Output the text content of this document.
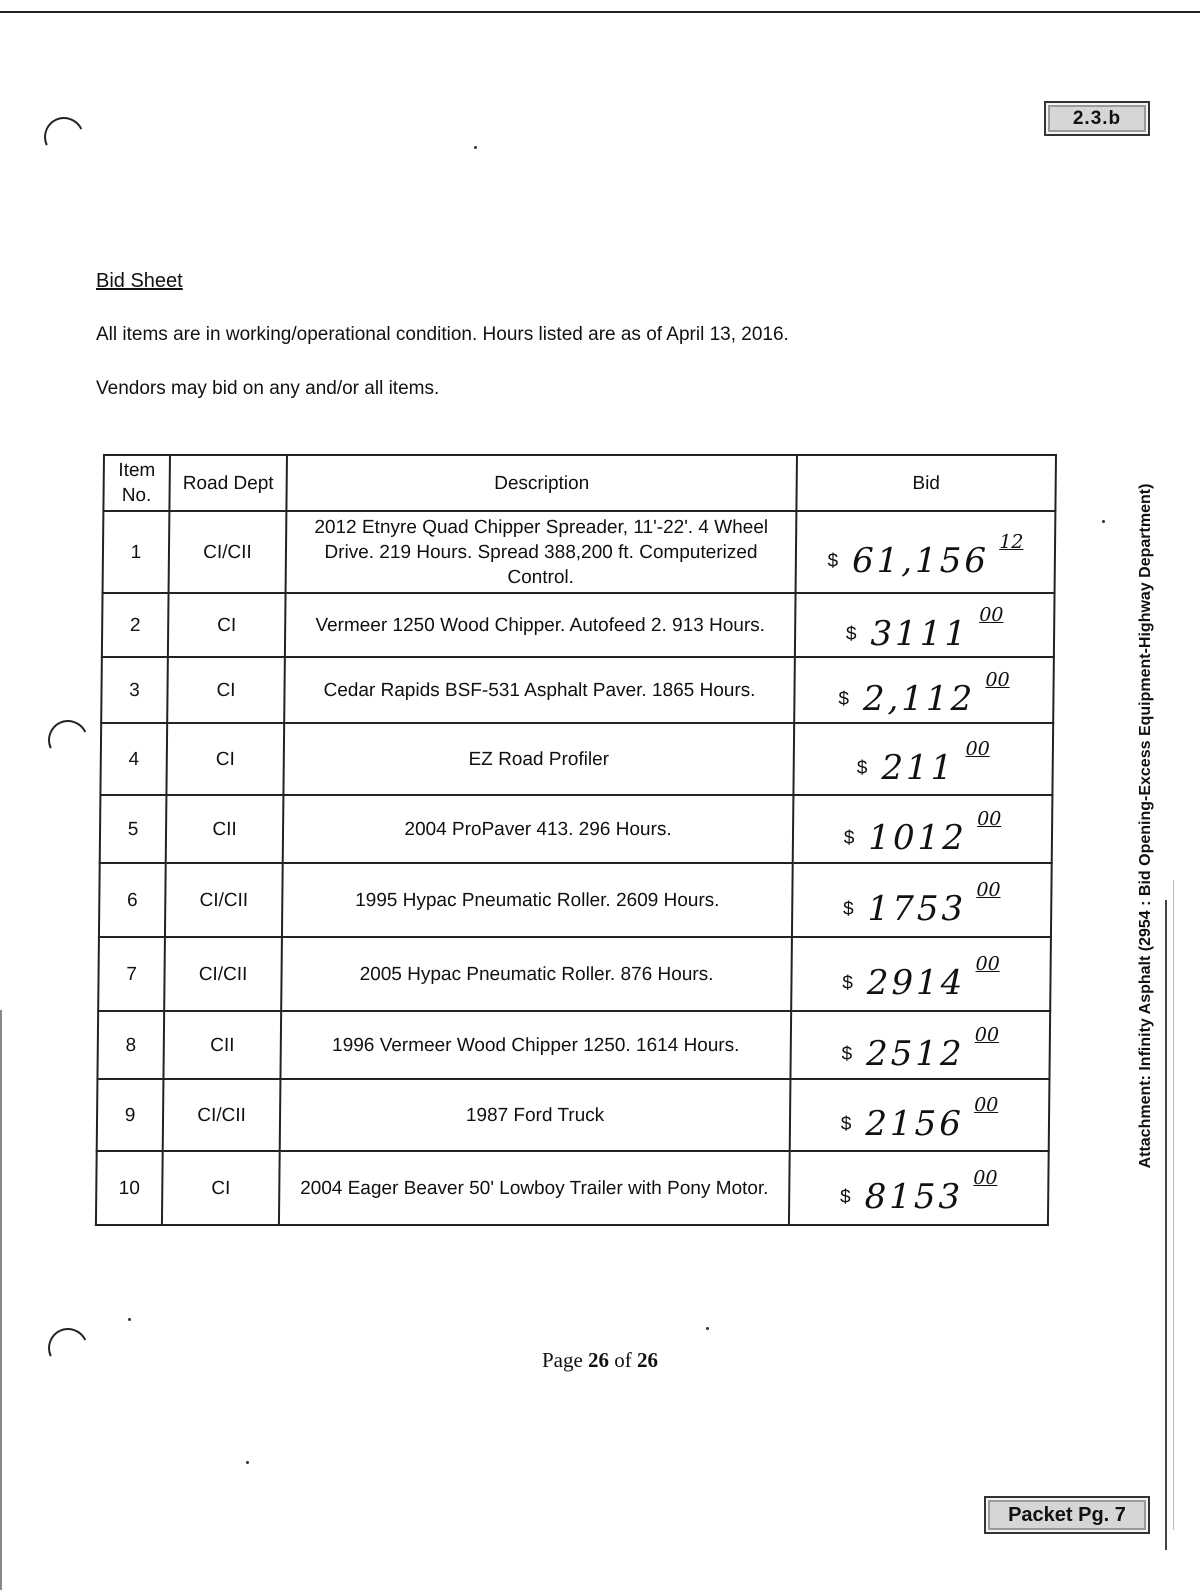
2.3.b
Bid Sheet
All items are in working/operational condition. Hours listed are as of April 13, 2016.
Vendors may bid on any and/or all items.
Item No.	Road Dept	Description	Bid
1	CI/CII	2012 Etnyre Quad Chipper Spreader, 11'-22'. 4 Wheel Drive. 219 Hours. Spread 388,200 ft. Computerized Control.	$ 61,156 12
2	CI	Vermeer 1250 Wood Chipper. Autofeed 2. 913 Hours.	$ 3111 00
3	CI	Cedar Rapids BSF-531 Asphalt Paver. 1865 Hours.	$ 2,112 00
4	CI	EZ Road Profiler	$ 211 00
5	CII	2004 ProPaver 413. 296 Hours.	$ 1012 00
6	CI/CII	1995 Hypac Pneumatic Roller. 2609 Hours.	$ 1753 00
7	CI/CII	2005 Hypac Pneumatic Roller. 876 Hours.	$ 2914 00
8	CII	1996 Vermeer Wood Chipper 1250. 1614 Hours.	$ 2512 00
9	CI/CII	1987 Ford Truck	$ 2156 00
10	CI	2004 Eager Beaver 50' Lowboy Trailer with Pony Motor.	$ 8153 00
Attachment: Infinity Asphalt (2954 : Bid Opening-Excess Equipment-Highway Department)
Page 26 of 26
Packet Pg. 7
